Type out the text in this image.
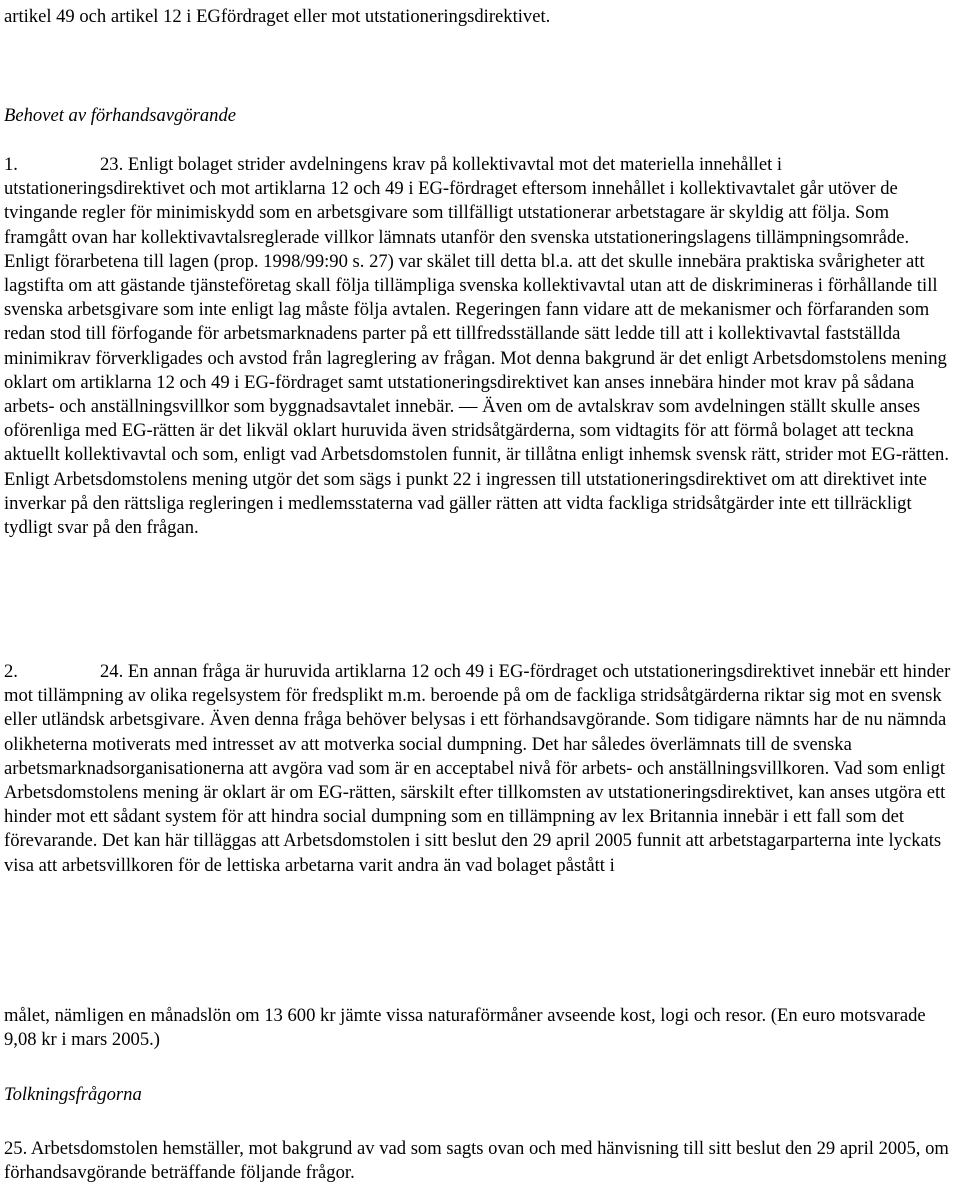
artikel 49 och artikel 12 i EGfördraget eller mot utstationeringsdirektivet.

Behovet av förhandsavgörande

1.	23. Enligt bolaget strider avdelningens krav på kollektivavtal mot det materiella innehållet i utstationeringsdirektivet och mot artiklarna 12 och 49 i EG-fördraget eftersom innehållet i kollektivavtalet går utöver de tvingande regler för minimiskydd som en arbetsgivare som tillfälligt utstationerar arbetstagare är skyldig att följa. Som framgått ovan har kollektivavtalsreglerade villkor lämnats utanför den svenska utstationeringslagens tillämpningsområde. Enligt förarbetena till lagen (prop. 1998/99:90 s. 27) var skälet till detta bl.a. att det skulle innebära praktiska svårigheter att lagstifta om att gästande tjänsteföretag skall följa tillämpliga svenska kollektivavtal utan att de diskrimineras i förhållande till svenska arbetsgivare som inte enligt lag måste följa avtalen. Regeringen fann vidare att de mekanismer och förfaranden som redan stod till förfogande för arbetsmarknadens parter på ett tillfredsställande sätt ledde till att i kollektivavtal fastställda minimikrav förverkligades och avstod från lagreglering av frågan. Mot denna bakgrund är det enligt Arbetsdomstolens mening oklart om artiklarna 12 och 49 i EG-fördraget samt utstationeringsdirektivet kan anses innebära hinder mot krav på sådana arbets- och anställningsvillkor som byggnadsavtalet innebär. — Även om de avtalskrav som avdelningen ställt skulle anses oförenliga med EG-rätten är det likväl oklart huruvida även stridsåtgärderna, som vidtagits för att förmå bolaget att teckna aktuellt kollektivavtal och som, enligt vad Arbetsdomstolen funnit, är tillåtna enligt inhemsk svensk rätt, strider mot EG-rätten. Enligt Arbetsdomstolens mening utgör det som sägs i punkt 22 i ingressen till utstationeringsdirektivet om att direktivet inte inverkar på den rättsliga regleringen i medlemsstaterna vad gäller rätten att vidta fackliga stridsåtgärder inte ett tillräckligt tydligt svar på den frågan.

2.	24. En annan fråga är huruvida artiklarna 12 och 49 i EG-fördraget och utstationeringsdirektivet innebär ett hinder mot tillämpning av olika regelsystem för fredsplikt m.m. beroende på om de fackliga stridsåtgärderna riktar sig mot en svensk eller utländsk arbetsgivare. Även denna fråga behöver belysas i ett förhandsavgörande. Som tidigare nämnts har de nu nämnda olikheterna motiverats med intresset av att motverka social dumpning. Det har således överlämnats till de svenska arbetsmarknadsorganisationerna att avgöra vad som är en acceptabel nivå för arbets- och anställningsvillkoren. Vad som enligt Arbetsdomstolens mening är oklart är om EG-rätten, särskilt efter tillkomsten av utstationeringsdirektivet, kan anses utgöra ett hinder mot ett sådant system för att hindra social dumpning som en tillämpning av lex Britannia innebär i ett fall som det förevarande. Det kan här tilläggas att Arbetsdomstolen i sitt beslut den 29 april 2005 funnit att arbetstagarparterna inte lyckats visa att arbetsvillkoren för de lettiska arbetarna varit andra än vad bolaget påstått i

målet, nämligen en månadslön om 13 600 kr jämte vissa naturaförmåner avseende kost, logi och resor. (En euro motsvarade 9,08 kr i mars 2005.)

Tolkningsfrågorna

25. Arbetsdomstolen hemställer, mot bakgrund av vad som sagts ovan och med hänvisning till sitt beslut den 29 april 2005, om förhandsavgörande beträffande följande frågor.
